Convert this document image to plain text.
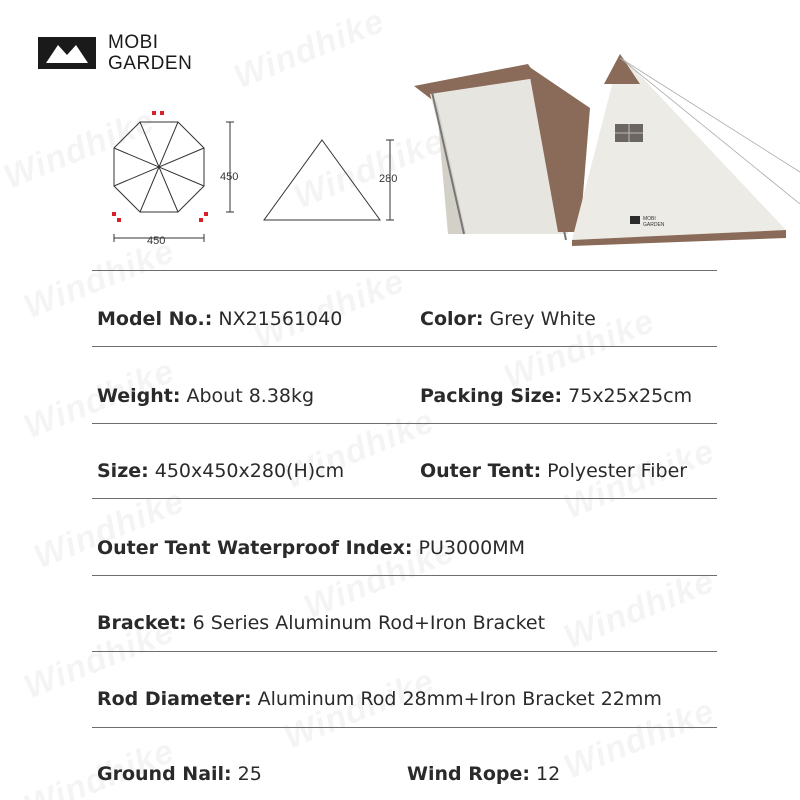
MOBI
GARDEN
450
450
280
MOBI
GARDEN
Model No.: NX21561040	Color: Grey White
Weight: About 8.38kg	Packing Size: 75x25x25cm
Size: 450x450x280(H)cm	Outer Tent: Polyester Fiber
Outer Tent Waterproof Index: PU3000MM
Bracket: 6 Series Aluminum Rod+Iron Bracket
Rod Diameter: Aluminum Rod 28mm+Iron Bracket 22mm
Ground Nail: 25	Wind Rope: 12
